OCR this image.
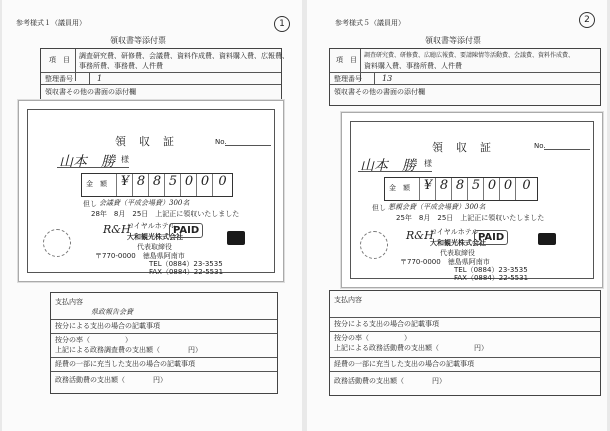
参考様式１（議員用）	1
領収書等添付票
項　目 調査研究費、研修費、会議費、資料作成費、資料購入費、広報費、
事務所費、事務費、人件費
整理番号	1
領収書その他の書面の添付欄
領　収　証	No.
山本　勝 様
金　額	¥ 8 8 5 0 0 0
但し 会議費（平成会場費）300名
28年　8月　25日　上記正に領収いたしました
R&H
ロイヤルホテル
大和観光株式会社
代表取締役
PAID
〒770-0000　徳島県阿南市
TEL（0884）23-3535
FAX（0884）22-5531
支払内容
県政報告会費
按分による支出の場合の記載事項
按分の率（　　　　　）
上記による政務調査費の支出額（　　　　円）
経費の一部に充当した支出の場合の記載事項
政務活動費の支出額（　　　　円）
参考様式５（議員用）	2
領収書等添付票
項　目
調査研究費、研修費、広聴広報費、要請陳情等活動費、会議費、資料作成費、
資料購入費、事務所費、人件費
整理番号	13
領収書その他の書面の添付欄
領　収　証	No.
山本　勝 様
金　額	¥ 8 8 5 0 0 0
但し 懇親会費（平成会場費）300名
25年　8月　25日　上記正に領収いたしました
R&H
ロイヤルホテル
大和観光株式会社
代表取締役
PAID
〒770-0000　徳島県阿南市
TEL（0884）23-3535
FAX（0884）22-5531
支払内容
按分による支出の場合の記載事項
按分の率（　　　　　）
上記による政務活動費の支出額（　　　　　円）
経費の一部に充当した支出の場合の記載事項
政務活動費の支出額（　　　　円）
